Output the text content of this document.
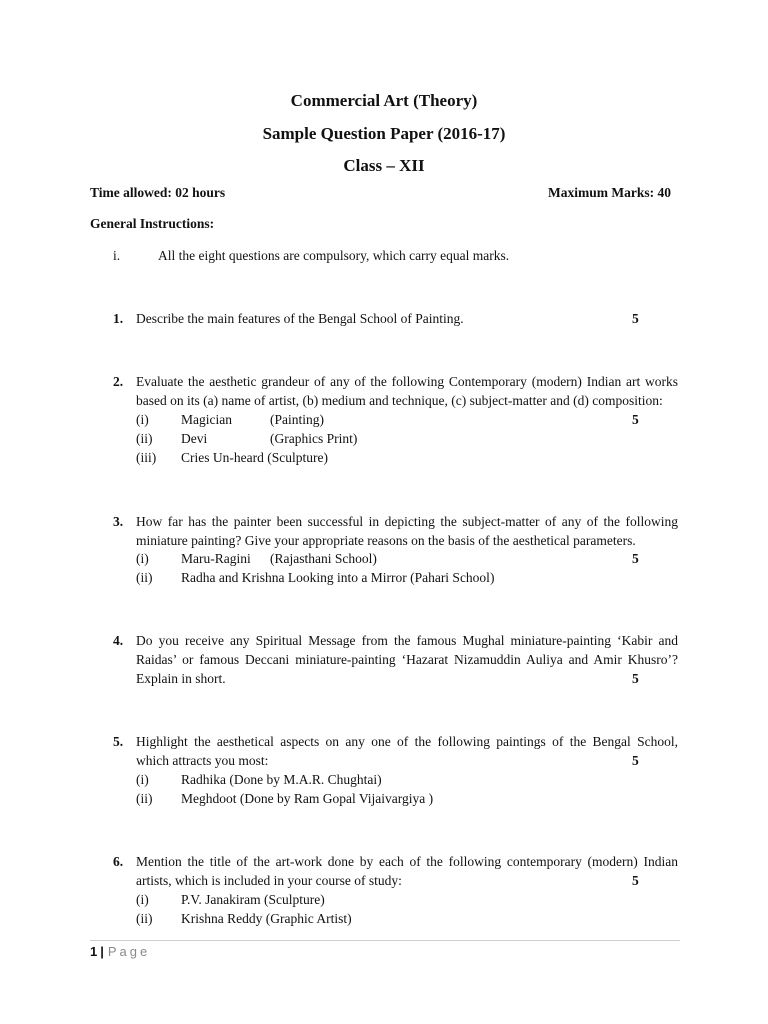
Commercial Art (Theory)
Sample Question Paper (2016-17)
Class – XII
Time allowed: 02 hours	Maximum Marks: 40
General Instructions:
i.	All the eight questions are compulsory, which carry equal marks.
1. Describe the main features of the Bengal School of Painting.	5
2. Evaluate the aesthetic grandeur of any of the following Contemporary (modern) Indian art works
based on its (a) name of artist, (b) medium and technique, (c) subject-matter and (d) composition:
(i) Magician	(Painting)	5
(ii) Devi	(Graphics Print)
(iii) Cries Un-heard (Sculpture)
3. How far has the painter been successful in depicting the subject-matter of any of the following
miniature painting? Give your appropriate reasons on the basis of the aesthetical parameters.
(i) Maru-Ragini (Rajasthani School)	5
(ii) Radha and Krishna Looking into a Mirror (Pahari School)
4. Do you receive any Spiritual Message from the famous Mughal miniature-painting ‘Kabir and
Raidas’ or famous Deccani miniature-painting ‘Hazarat Nizamuddin Auliya and Amir Khusro’?
Explain in short.	5
5. Highlight the aesthetical aspects on any one of the following paintings of the Bengal School,
which attracts you most:	5
(i) Radhika (Done by M.A.R. Chughtai)
(ii) Meghdoot (Done by Ram Gopal Vijaivargiya )
6. Mention the title of the art-work done by each of the following contemporary (modern) Indian
artists, which is included in your course of study:	5
(i) P.V. Janakiram (Sculpture)
(ii) Krishna Reddy (Graphic Artist)
1 | Page
